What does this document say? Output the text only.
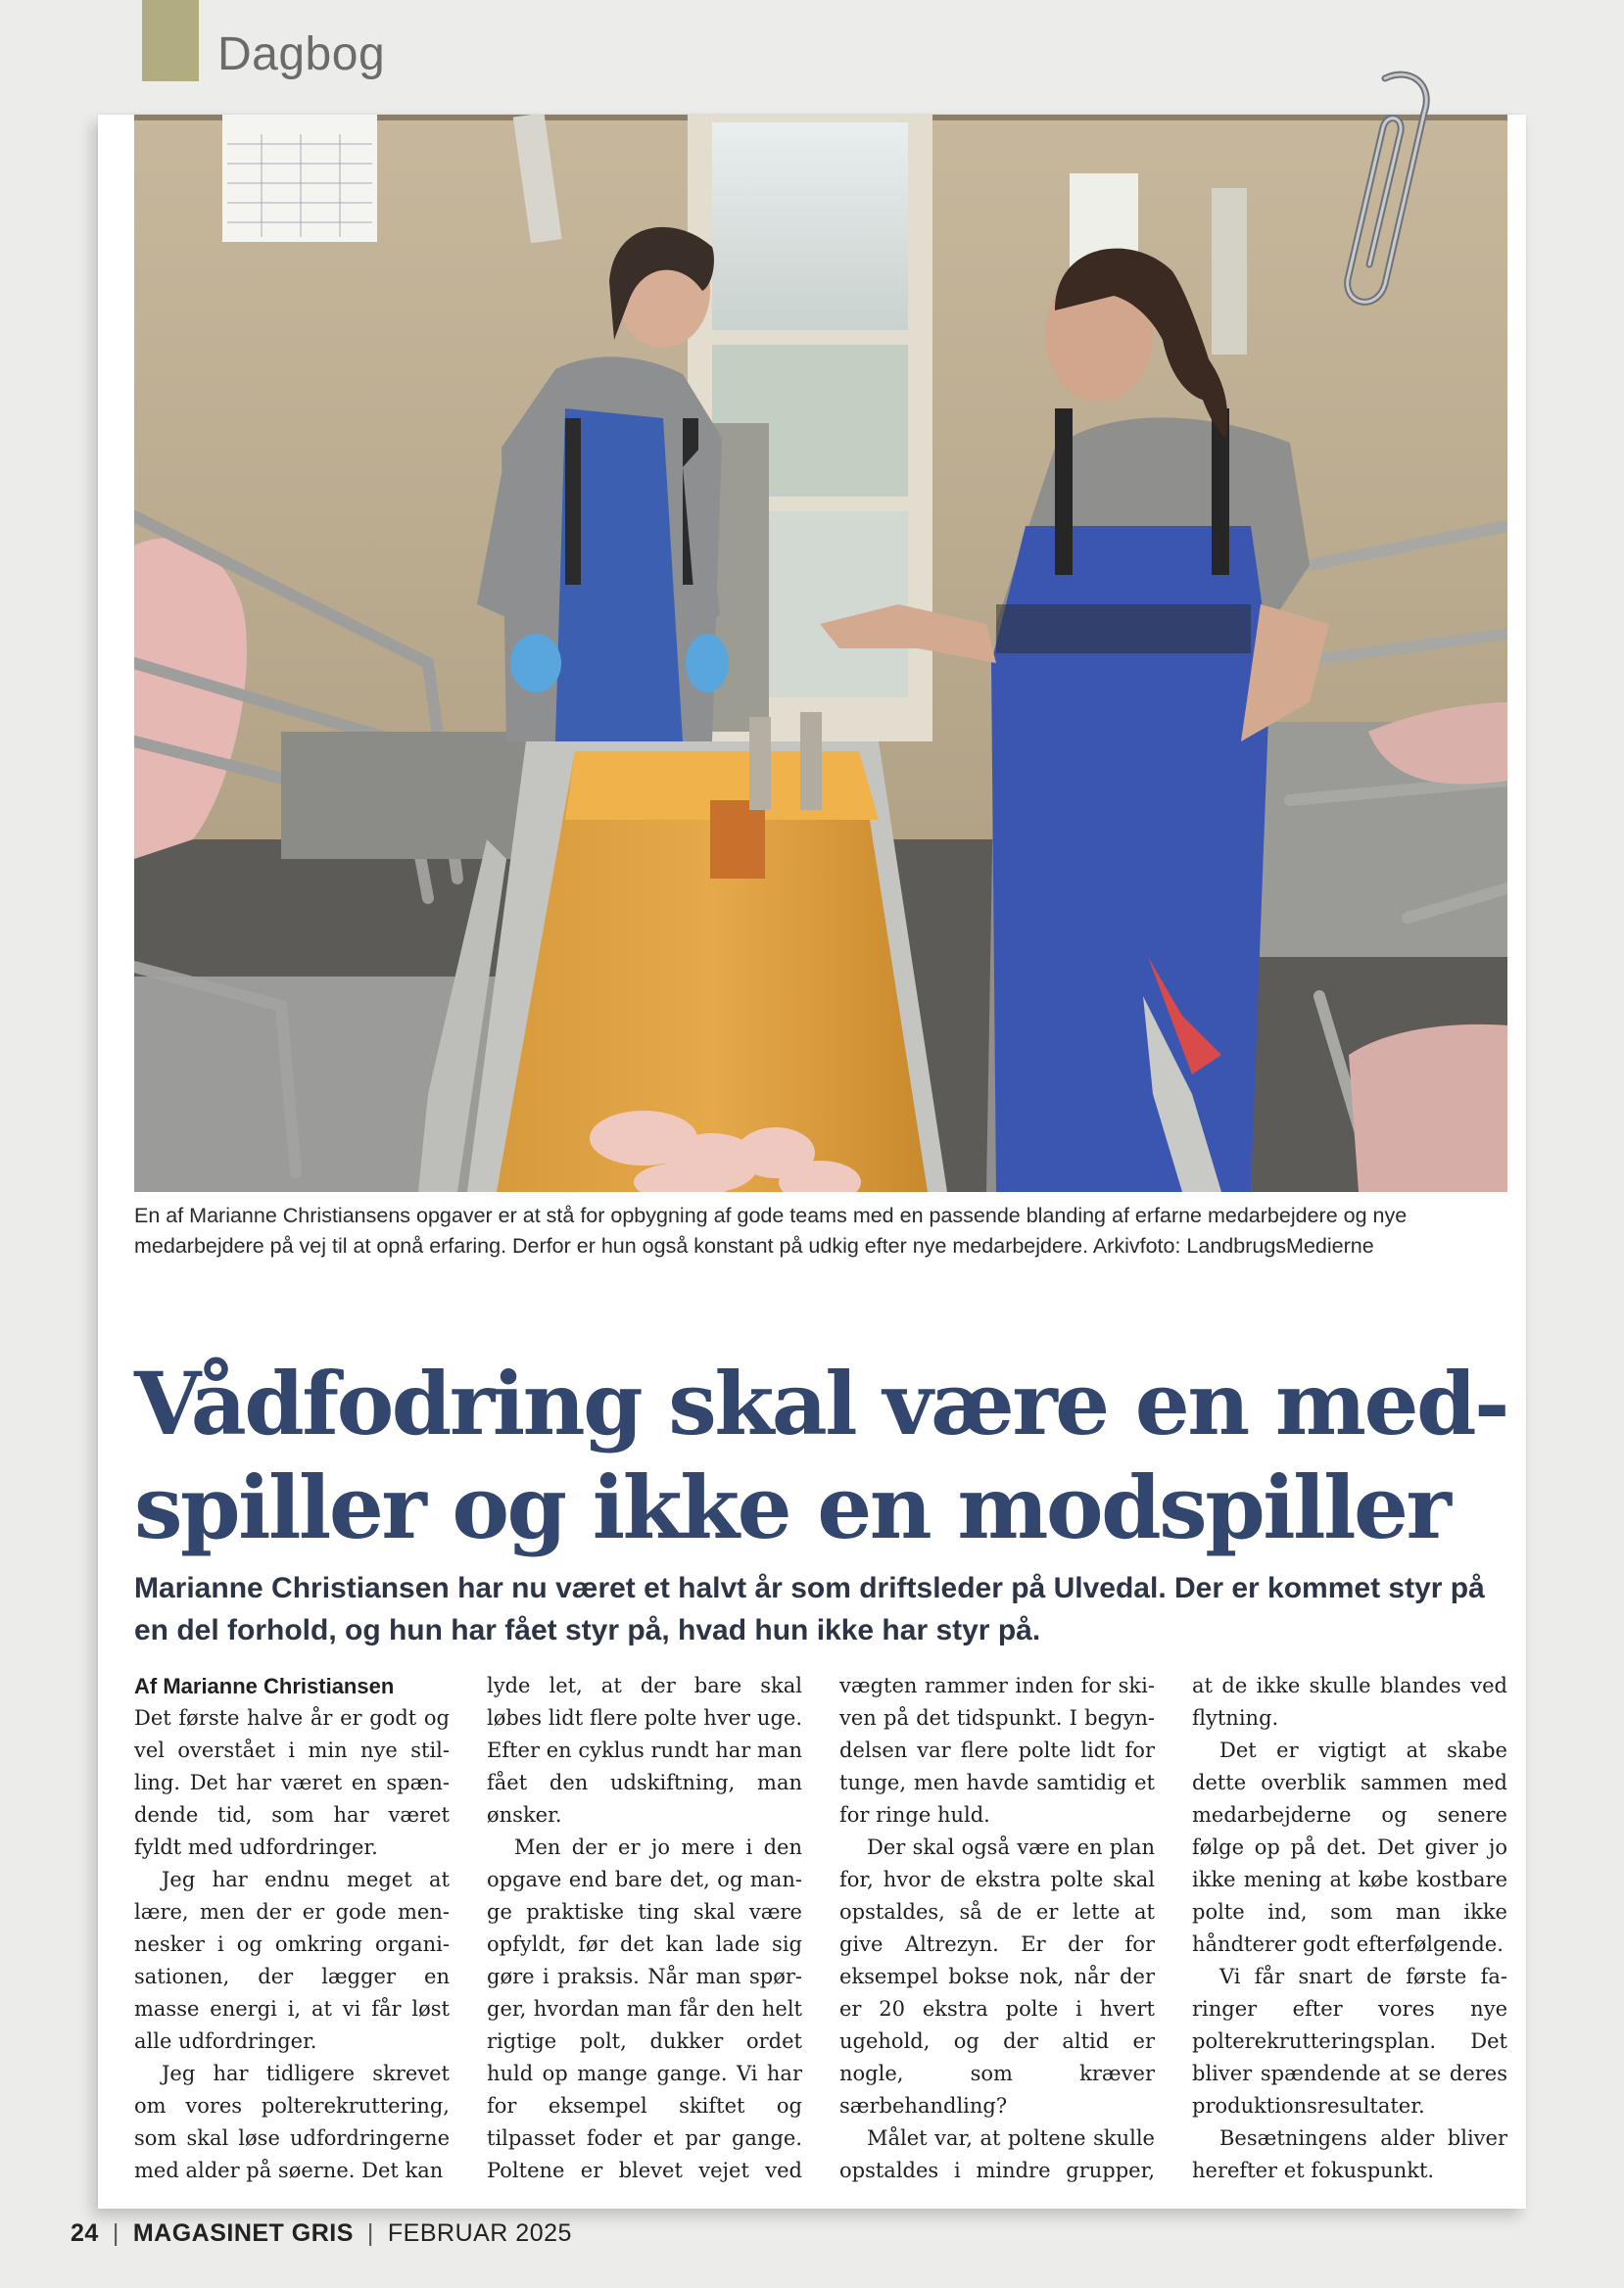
Dagbog
En af Marianne Christiansens opgaver er at stå for opbygning af gode teams med en passende blanding af erfarne medarbejdere og nye medarbejdere på vej til at opnå erfaring. Derfor er hun også konstant på udkig efter nye medarbejdere. Arkivfoto: LandbrugsMedierne
Vådfodring skal være en med-
spiller og ikke en modspiller

Marianne Christiansen har nu været et halvt år som driftsleder på Ulvedal. Der er kommet styr på en del forhold, og hun har fået styr på, hvad hun ikke har styr på.

Af Marianne Christiansen

Det første halve år er godt og vel overstået i min nye stilling. Det har været en spændende tid, som har været fyldt med udfordringer.

Jeg har endnu meget at lære, men der er gode mennesker i og omkring organisationen, der lægger en masse energi i, at vi får løst alle udfordringer.

Jeg har tidligere skrevet om vores polterekruttering, som skal løse udfordringerne med alder på søerne. Det kan

lyde let, at der bare skal løbes lidt flere polte hver uge. Efter en cyklus rundt har man fået den udskiftning, man ønsker.

Men der er jo mere i den opgave end bare det, og mange praktiske ting skal være opfyldt, før det kan lade sig gøre i praksis. Når man spørger, hvordan man får den helt rigtige polt, dukker ordet huld op mange gange. Vi har for eksempel skiftet og tilpasset foder et par gange. Poltene er blevet vejet ved

vægten rammer inden for skiven på det tidspunkt. I begyndelsen var flere polte lidt for tunge, men havde samtidig et for ringe huld.

Der skal også være en plan for, hvor de ekstra polte skal opstaldes, så de er lette at give Altrezyn. Er der for eksempel bokse nok, når der er 20 ekstra polte i hvert ugehold, og der altid er nogle, som kræver særbehandling?

Målet var, at poltene skulle opstaldes i mindre grupper,

at de ikke skulle blandes ved flytning.

Det er vigtigt at skabe dette overblik sammen med medarbejderne og senere følge op på det. Det giver jo ikke mening at købe kostbare polte ind, som man ikke håndterer godt efterfølgende.

Vi får snart de første faringer efter vores nye polterekrutteringsplan. Det bliver spændende at se deres produktionsresultater.

Besætningens alder bliver herefter et fokuspunkt.

24 | MAGASINET GRIS | FEBRUAR 2025
